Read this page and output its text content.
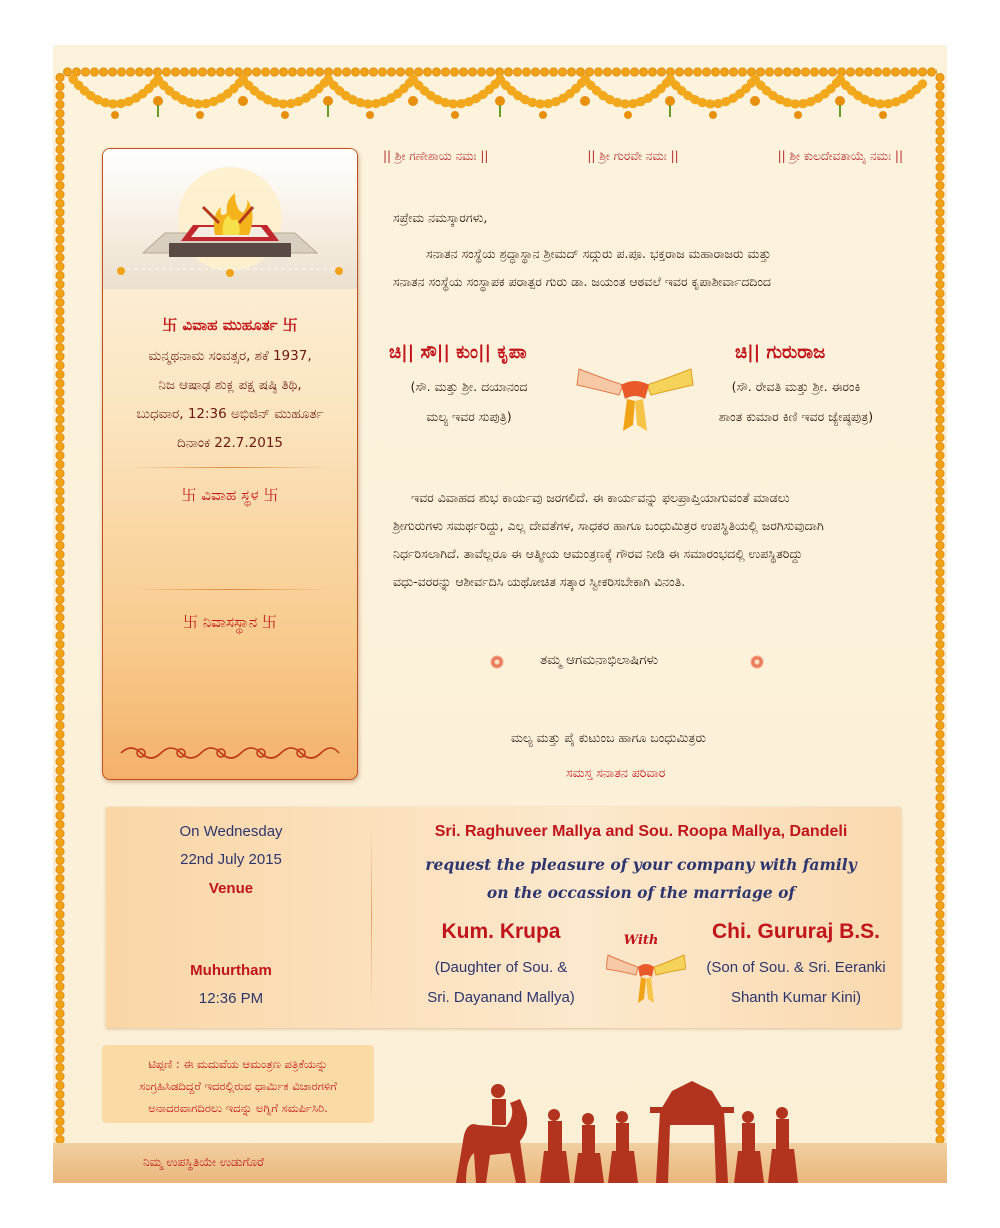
|| ಶ್ರೀ ಗಣೇಶಾಯ ನಮಃ ||	|| ಶ್ರೀ ಗುರವೇ ನಮಃ ||	|| ಶ್ರೀ ಕುಲದೇವತಾಯೈ ನಮಃ ||
卐 ವಿವಾಹ ಮುಹೂರ್ತ 卐
ಮನ್ಮಥನಾಮ ಸಂವತ್ಸರ, ಶಕೆ 1937,
ನಿಜ ಆಷಾಢ ಶುಕ್ಲ ಪಕ್ಷ ಷಷ್ಠಿ ತಿಥಿ,
ಬುಧವಾರ, 12:36 ಅಭಿಜಿನ್ ಮುಹೂರ್ತ
ದಿನಾಂಕ 22.7.2015
卐 ವಿವಾಹ ಸ್ಥಳ 卐
卐 ನಿವಾಸಸ್ಥಾನ 卐
ಸಪ್ರೇಮ ನಮಸ್ಕಾರಗಳು,
ಸನಾತನ ಸಂಸ್ಥೆಯ ಶ್ರದ್ಧಾಸ್ಥಾನ ಶ್ರೀಮದ್ ಸದ್ಗುರು ಪ.ಪೂ. ಭಕ್ತರಾಜ ಮಹಾರಾಜರು ಮತ್ತು
ಸನಾತನ ಸಂಸ್ಥೆಯ ಸಂಸ್ಥಾಪಕ ಪರಾತ್ಪರ ಗುರು ಡಾ. ಜಯಂತ ಆಠವಲೆ ಇವರ ಕೃಪಾಶೀರ್ವಾದದಿಂದ
ಚಿ|| ಸೌ|| ಕುಂ|| ಕೃಪಾ
(ಸೌ. ಮತ್ತು ಶ್ರೀ. ದಯಾನಂದ
ಮಲ್ಯ ಇವರ ಸುಪುತ್ರಿ)
ಚಿ|| ಗುರುರಾಜ
(ಸೌ. ರೇವತಿ ಮತ್ತು ಶ್ರೀ. ಈರಂಕಿ
ಶಾಂತ ಕುಮಾರ ಕಿಣಿ ಇವರ ಜ್ಯೇಷ್ಠಪುತ್ರ)
ಇವರ ವಿವಾಹದ ಶುಭ ಕಾರ್ಯವು ಜರಗಲಿದೆ. ಈ ಕಾರ್ಯವನ್ನು ಫಲಪ್ರಾಪ್ತಿಯಾಗುವಂತೆ ಮಾಡಲು
ಶ್ರೀಗುರುಗಳು ಸಮರ್ಥರಿದ್ದು, ಎಲ್ಲ ದೇವತೆಗಳ, ಸಾಧಕರ ಹಾಗೂ ಬಂಧುಮಿತ್ರರ ಉಪಸ್ಥಿತಿಯಲ್ಲಿ ಜರಗಿಸುವುದಾಗಿ
ನಿರ್ಧರಿಸಲಾಗಿದೆ. ತಾವೆಲ್ಲರೂ ಈ ಆತ್ಮೀಯ ಆಮಂತ್ರಣಕ್ಕೆ ಗೌರವ ನೀಡಿ ಈ ಸಮಾರಂಭದಲ್ಲಿ ಉಪಸ್ಥಿತರಿದ್ದು
ವಧು-ವರರನ್ನು ಆಶೀರ್ವದಿಸಿ ಯಥೋಚಿತ ಸತ್ಕಾರ ಸ್ವೀಕರಿಸಬೇಕಾಗಿ ವಿನಂತಿ.
ತಮ್ಮ ಆಗಮನಾಭಿಲಾಷಿಗಳು
ಮಲ್ಯ ಮತ್ತು ಪೈ ಕುಟುಂಬ ಹಾಗೂ ಬಂಧುಮಿತ್ರರು
ಸಮಸ್ತ ಸನಾತನ ಪರಿವಾರ
On Wednesday
22nd July 2015
Venue
Muhurtham
12:36 PM
Sri. Raghuveer Mallya and Sou. Roopa Mallya, Dandeli
request the pleasure of your company with family
on the occassion of the marriage of
Kum. Krupa
(Daughter of Sou. &
Sri. Dayanand Mallya)
With	Chi. Gururaj B.S.
(Son of Sou. & Sri. Eeranki
Shanth Kumar Kini)
ಟಿಪ್ಪಣಿ : ಈ ಮದುವೆಯ ಆಮಂತ್ರಣ ಪತ್ರಿಕೆಯನ್ನು
ಸಂಗ್ರಹಿಸಿಡದಿದ್ದರೆ ಇದರಲ್ಲಿರುವ ಧಾರ್ಮಿಕ ವಿಚಾರಗಳಿಗೆ
ಅನಾದರವಾಗದಿರಲು ಇದನ್ನು ಅಗ್ನಿಗೆ ಸಮರ್ಪಿಸಿರಿ.
ನಿಮ್ಮ ಉಪಸ್ಥಿತಿಯೇ ಉಡುಗೊರೆ
